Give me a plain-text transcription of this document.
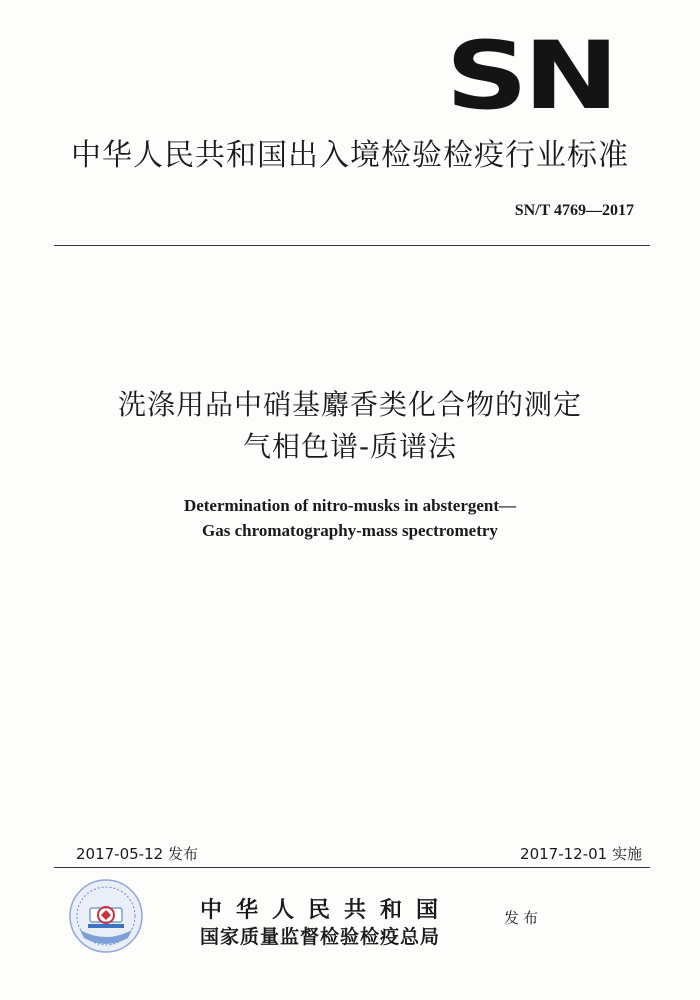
SN
中华人民共和国出入境检验检疫行业标准
SN/T 4769—2017
洗涤用品中硝基麝香类化合物的测定
气相色谱-质谱法
Determination of nitro-musks in abstergent—
Gas chromatography-mass spectrometry
2017-05-12 发布	2017-12-01 实施
中华人民共和国
国家质量监督检验检疫总局
发布
